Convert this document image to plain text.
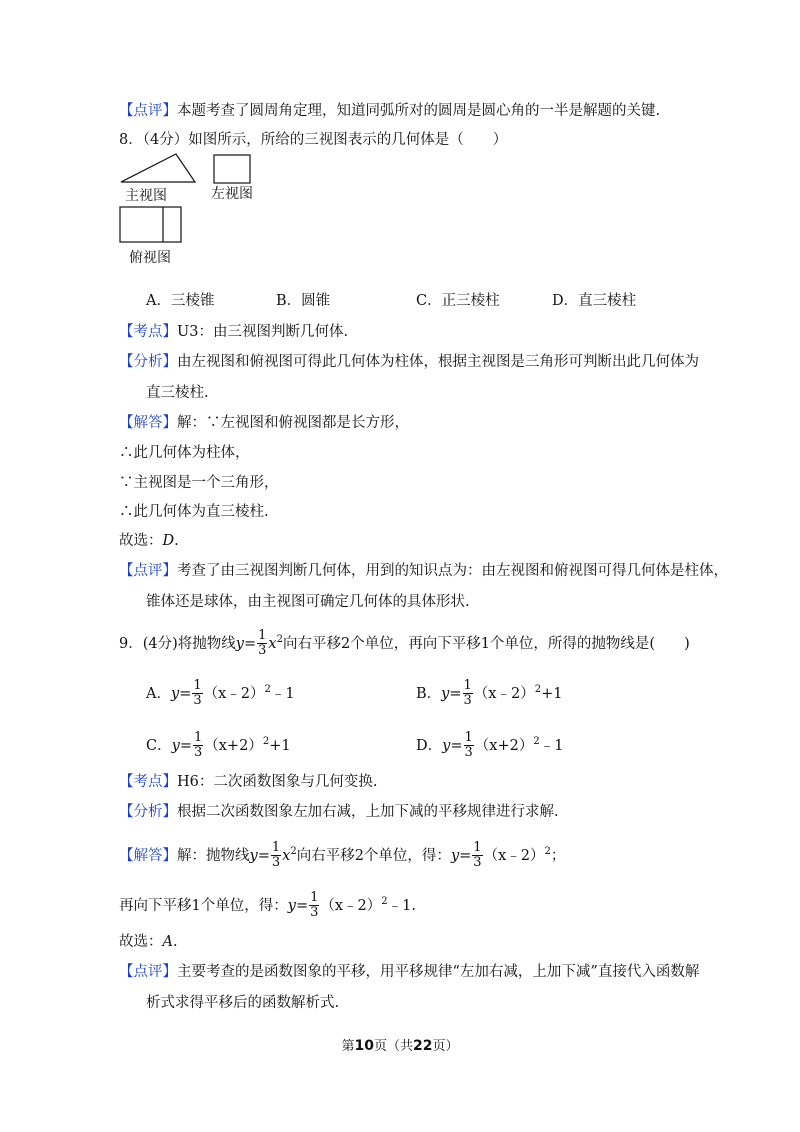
【点评】本题考查了圆周角定理，知道同弧所对的圆周是圆心角的一半是解题的关键.
8．（4分）如图所示，所给的三视图表示的几何体是（　　）
主视图	左视图
俯视图
A．三棱锥	B．圆锥	C．正三棱柱	D．直三棱柱
【考点】U3：由三视图判断几何体.
【分析】由左视图和俯视图可得此几何体为柱体，根据主视图是三角形可判断出此几何体为
直三棱柱.
【解答】解：∵左视图和俯视图都是长方形，
∴此几何体为柱体，
∵主视图是一个三角形，
∴此几何体为直三棱柱.
故选：D.
【点评】考查了由三视图判断几何体，用到的知识点为：由左视图和俯视图可得几何体是柱体，
锥体还是球体，由主视图可确定几何体的具体形状.
9．(4分)将抛物线$y= \frac{1}{3} x^2$向右平移2个单位，再向下平移1个单位，所得的抛物线是(　　)
A．$y= \frac{1}{3}$ （x﹣2）$^2$﹣1	B．$y= \frac{1}{3}$ （x﹣2）$^2$+1
C．$y= \frac{1}{3} (x+2)^2+1$	D．$y= \frac{1}{3}$ $(x+2)^2﹣1$
【考点】H6：二次函数图象与几何变换.
【分析】根据二次函数图象左加右减，上加下减的平移规律进行求解.
【解答】解：抛物线$y= \frac{1}{3} x^2$向右平移2个单位，得：$y= \frac{1}{3}$ （x﹣2）$^2$；
再向下平移1个单位，得：$y= \frac{1}{3}$ （x﹣2）$^2$﹣1.
故选：A.
【点评】主要考查的是函数图象的平移，用平移规律“左加右减，上加下减”直接代入函数解
析式求得平移后的函数解析式.
第10页（共22页）
